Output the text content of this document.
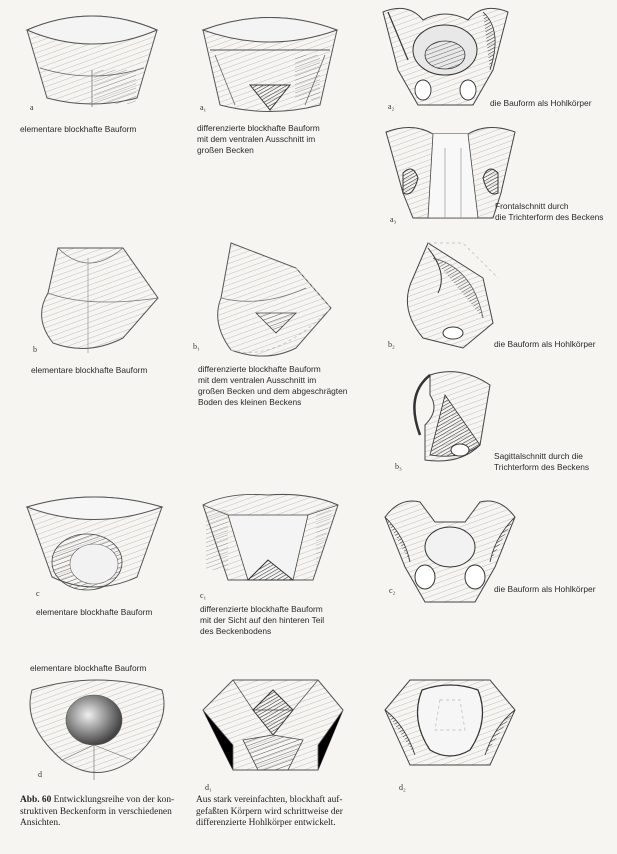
a
elementare blockhafte Bauform
a₁
differenzierte blockhafte Bauform
mit dem ventralen Ausschnitt im
großen Becken
a₂	die Bauform als Hohlkörper
a₃
Frontalschnitt durch
die Trichterform des Beckens
b
elementare blockhafte Bauform
b₁
differenzierte blockhafte Bauform
mit dem ventralen Ausschnitt im
großen Becken und dem abgeschrägten
Boden des kleinen Beckens
b₂	die Bauform als Hohlkörper
b₃
Sagittalschnitt durch die
Trichterform des Beckens
c
elementare blockhafte Bauform
c₁
differenzierte blockhafte Bauform
mit der Sicht auf den hinteren Teil
des Beckenbodens
c₂	die Bauform als Hohlkörper
elementare blockhafte Bauform
d
d₁	d₂
Abb. 60 Entwicklungsreihe von der kon-
struktiven Beckenform in verschiedenen
Ansichten.
Aus stark vereinfachten, blockhaft auf-
gefaßten Körpern wird schrittweise der
differenzierte Hohlkörper entwickelt.
